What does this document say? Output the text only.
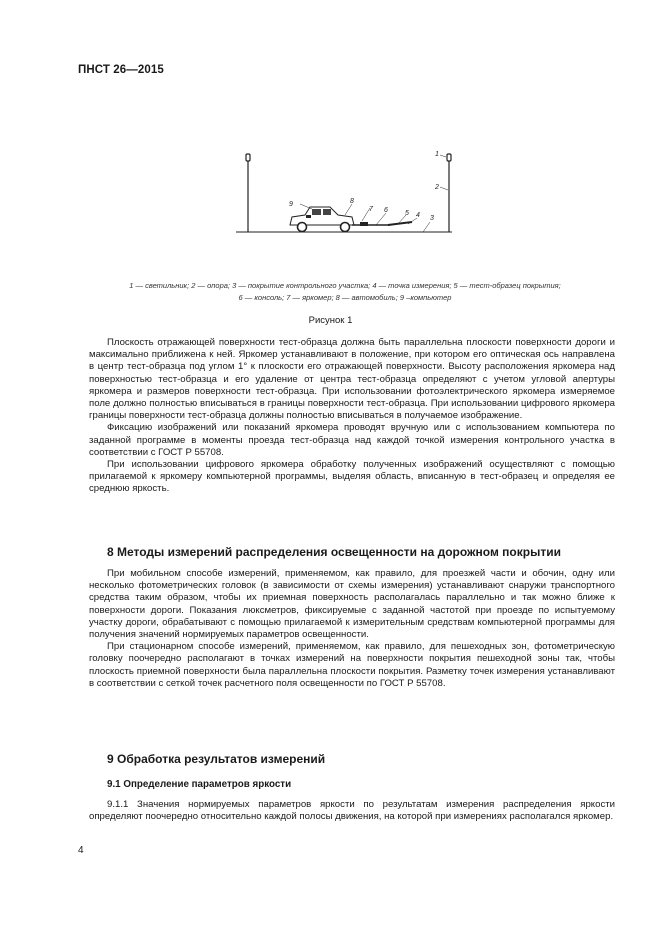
ПНСТ 26—2015
1
2
3
4
5
6
7
8
9
1 — светильник; 2 — опора; 3 — покрытие контрольного участка; 4 — точка измерения; 5 — тест-образец покрытия;
6 — консоль; 7 — яркомер; 8 — автомобиль; 9 –компьютер
Рисунок 1

Плоскость отражающей поверхности тест-образца должна быть параллельна плоскости поверхности дороги и максимально приближена к ней. Яркомер устанавливают в положение, при котором его оптическая ось направлена в центр тест-образца под углом 1° к плоскости его отражающей поверхности. Высоту расположения яркомера над поверхностью тест-образца и его удаление от центра тест-образца определяют с учетом угловой апертуры яркомера и размеров поверхности тест-образца. При использовании фотоэлектрического яркомера измеряемое поле должно полностью вписываться в границы поверхности тест-образца. При использовании цифрового яркомера границы поверхности тест-образца должны полностью вписываться в получаемое изображение.

Фиксацию изображений или показаний яркомера проводят вручную или с использованием компьютера по заданной программе в моменты проезда тест-образца над каждой точкой измерения контрольного участка в соответствии с ГОСТ Р 55708.

При использовании цифрового яркомера обработку полученных изображений осуществляют с помощью прилагаемой к яркомеру компьютерной программы, выделяя область, вписанную в тест-образец и определяя ее среднюю яркость.

8 Методы измерений распределения освещенности на дорожном покрытии

При мобильном способе измерений, применяемом, как правило, для проезжей части и обочин, одну или несколько фотометрических головок (в зависимости от схемы измерения) устанавливают снаружи транспортного средства таким образом, чтобы их приемная поверхность располагалась параллельно и так можно ближе к поверхности дороги. Показания люксметров, фиксируемые с заданной частотой при проезде по испытуемому участку дороги, обрабатывают с помощью прилагаемой к измерительным средствам компьютерной программы для получения значений нормируемых параметров освещенности.

При стационарном способе измерений, применяемом, как правило, для пешеходных зон, фотометрическую головку поочередно располагают в точках измерений на поверхности покрытия пешеходной зоны так, чтобы плоскость приемной поверхности была параллельна плоскости покрытия. Разметку точек измерения устанавливают в соответствии с сеткой точек расчетного поля освещенности по ГОСТ Р 55708.

9 Обработка результатов измерений
9.1 Определение параметров яркости

9.1.1 Значения нормируемых параметров яркости по результатам измерения распределения яркости определяют поочередно относительно каждой полосы движения, на которой при измерениях располагался яркомер.

4
